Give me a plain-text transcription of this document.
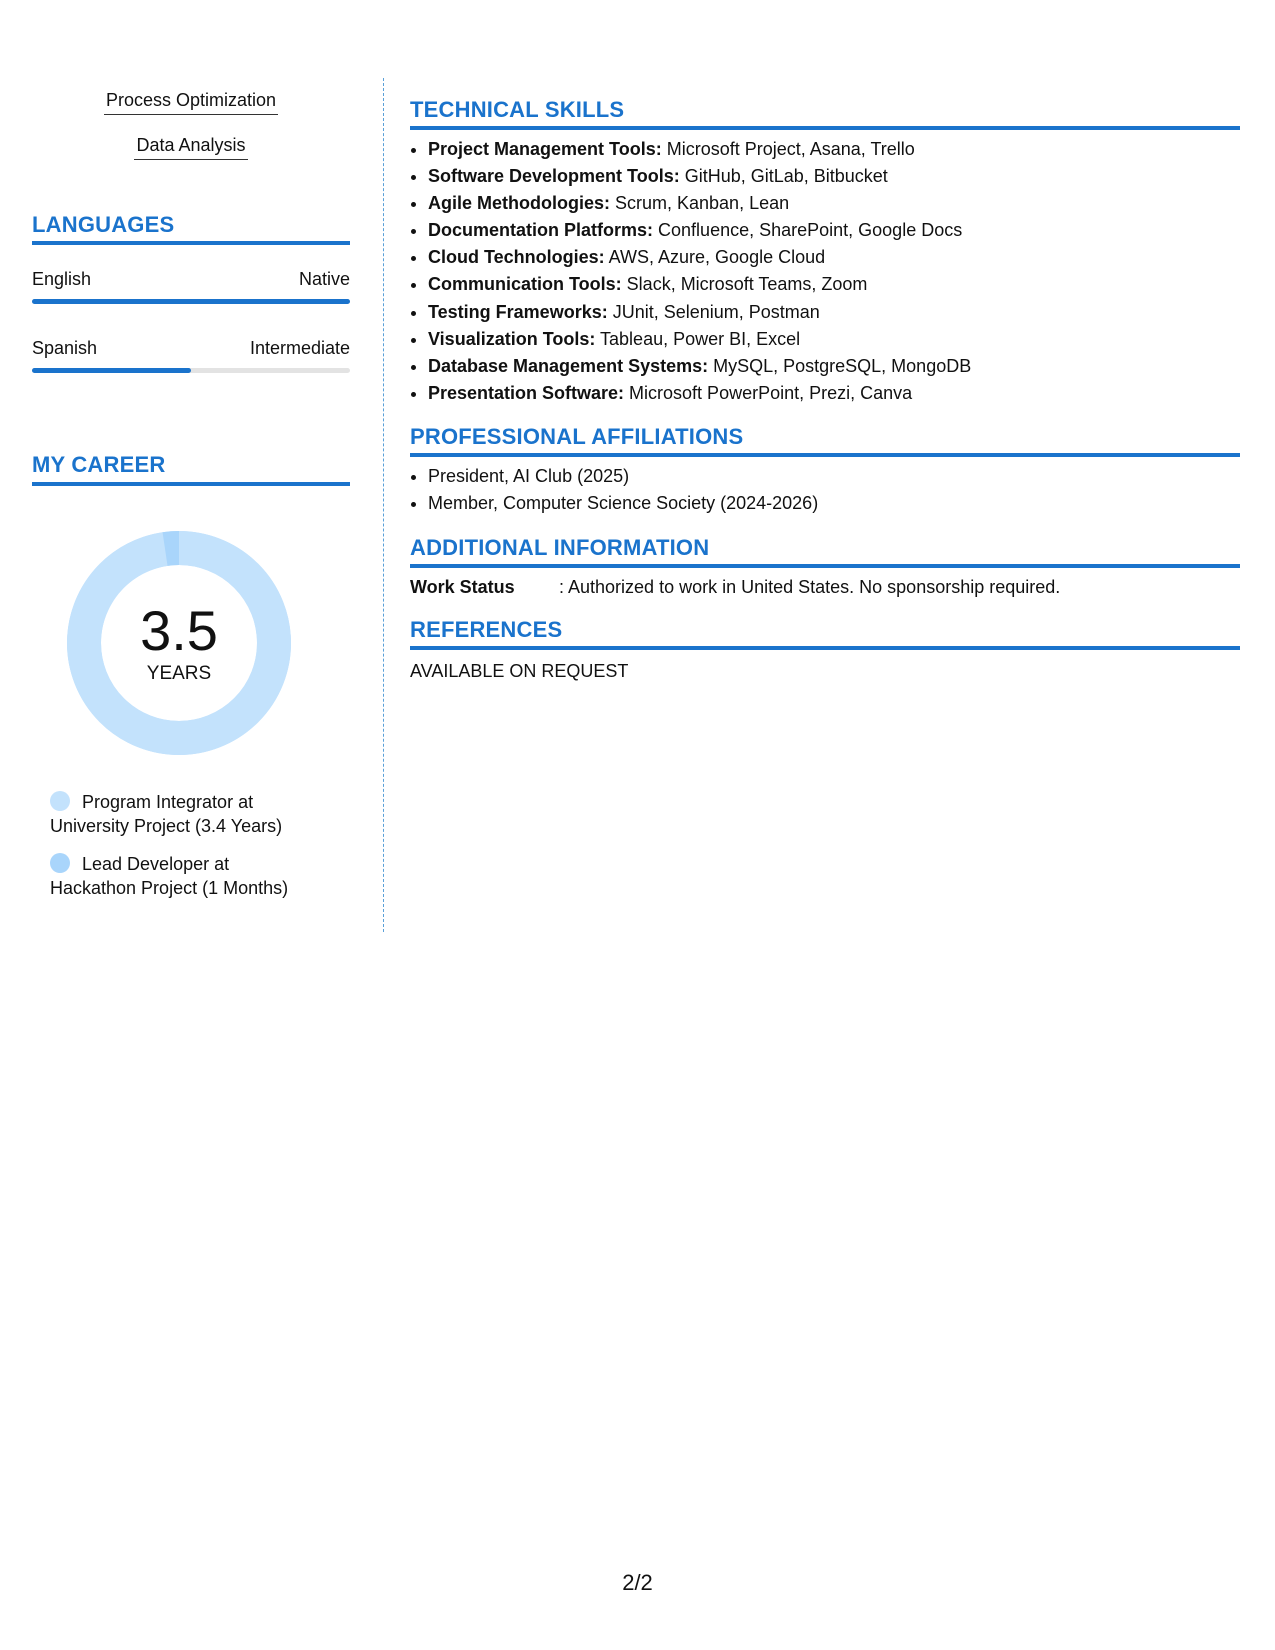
Process Optimization
Data Analysis
LANGUAGES
English	Native
Spanish	Intermediate
MY CAREER
3.5
YEARS
Program Integrator at
University Project (3.4 Years)
Lead Developer at
Hackathon Project (1 Months)
TECHNICAL SKILLS
• Project Management Tools: Microsoft Project, Asana, Trello
• Software Development Tools: GitHub, GitLab, Bitbucket
• Agile Methodologies: Scrum, Kanban, Lean
• Documentation Platforms: Confluence, SharePoint, Google Docs
• Cloud Technologies: AWS, Azure, Google Cloud
• Communication Tools: Slack, Microsoft Teams, Zoom
• Testing Frameworks: JUnit, Selenium, Postman
• Visualization Tools: Tableau, Power BI, Excel
• Database Management Systems: MySQL, PostgreSQL, MongoDB
• Presentation Software: Microsoft PowerPoint, Prezi, Canva
PROFESSIONAL AFFILIATIONS
• President, AI Club (2025)
• Member, Computer Science Society (2024-2026)
ADDITIONAL INFORMATION
Work Status : Authorized to work in United States. No sponsorship required.
REFERENCES
AVAILABLE ON REQUEST
2/2
